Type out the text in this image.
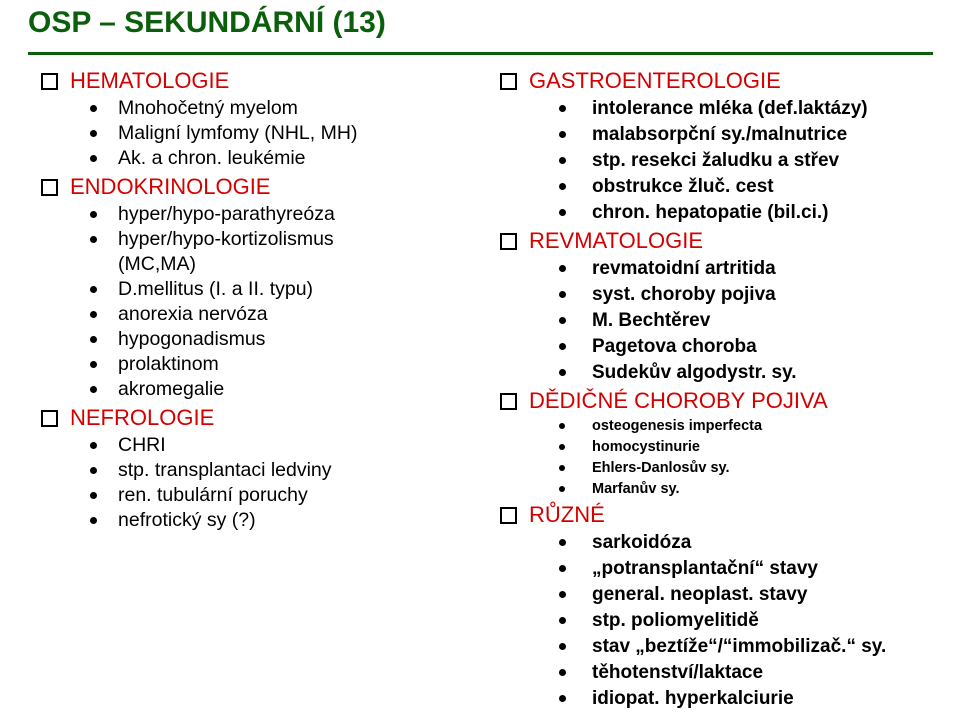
OSP – SEKUNDÁRNÍ (13)
HEMATOLOGIE
Mnohočetný myelom
Maligní lymfomy (NHL, MH)
Ak. a chron. leukémie
ENDOKRINOLOGIE
hyper/hypo-parathyreóza
hyper/hypo-kortizolismus (MC,MA)
D.mellitus (I. a II. typu)
anorexia nervóza
hypogonadismus
prolaktinom
akromegalie
NEFROLOGIE
CHRI
stp. transplantaci ledviny
ren. tubulární poruchy
nefrotický sy (?)
GASTROENTEROLOGIE
intolerance mléka (def.laktázy)
malabsorpční sy./malnutrice
stp. resekci žaludku a střev
obstrukce žluč. cest
chron. hepatopatie (bil.ci.)
REVMATOLOGIE
revmatoidní artritida
syst. choroby pojiva
M. Bechtěrev
Pagetova choroba
Sudekův algodystr. sy.
DĚDIČNÉ CHOROBY POJIVA
osteogenesis imperfecta
homocystinurie
Ehlers-Danlosův sy.
Marfanův sy.
RŮZNÉ
sarkoidóza
„potransplantační“ stavy
general. neoplast. stavy
stp. poliomyelitidě
stav „beztíže“/“immobilizač.“ sy.
těhotenství/laktace
idiopat. hyperkalciurie
